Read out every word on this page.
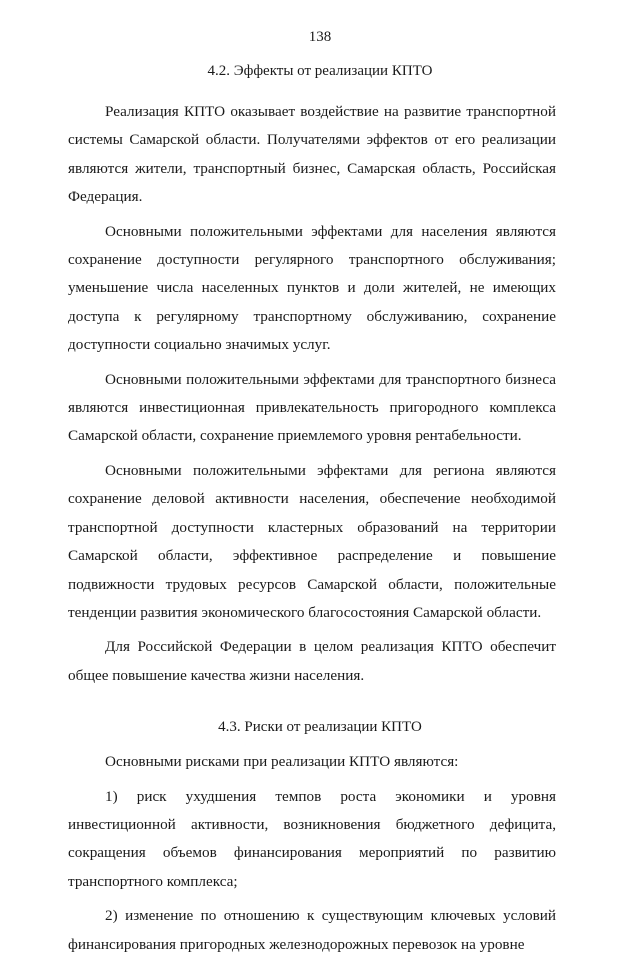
138
4.2. Эффекты от реализации КПТО

Реализация КПТО оказывает воздействие на развитие транспортной системы Самарской области. Получателями эффектов от его реализации являются жители, транспортный бизнес, Самарская область, Российская Федерация.

Основными положительными эффектами для населения являются сохранение доступности регулярного транспортного обслуживания; уменьшение числа населенных пунктов и доли жителей, не имеющих доступа к регулярному транспортному обслуживанию, сохранение доступности социально значимых услуг.

Основными положительными эффектами для транспортного бизнеса являются инвестиционная привлекательность пригородного комплекса Самарской области, сохранение приемлемого уровня рентабельности.

Основными положительными эффектами для региона являются сохранение деловой активности населения, обеспечение необходимой транспортной доступности кластерных образований на территории Самарской области, эффективное распределение и повышение подвижности трудовых ресурсов Самарской области, положительные тенденции развития экономического благосостояния Самарской области.

Для Российской Федерации в целом реализация КПТО обеспечит общее повышение качества жизни населения.

4.3. Риски от реализации КПТО

Основными рисками при реализации КПТО являются:

1) риск ухудшения темпов роста экономики и уровня инвестиционной активности, возникновения бюджетного дефицита, сокращения объемов финансирования мероприятий по развитию транспортного комплекса;

2) изменение по отношению к существующим ключевых условий финансирования пригородных железнодорожных перевозок на уровне
